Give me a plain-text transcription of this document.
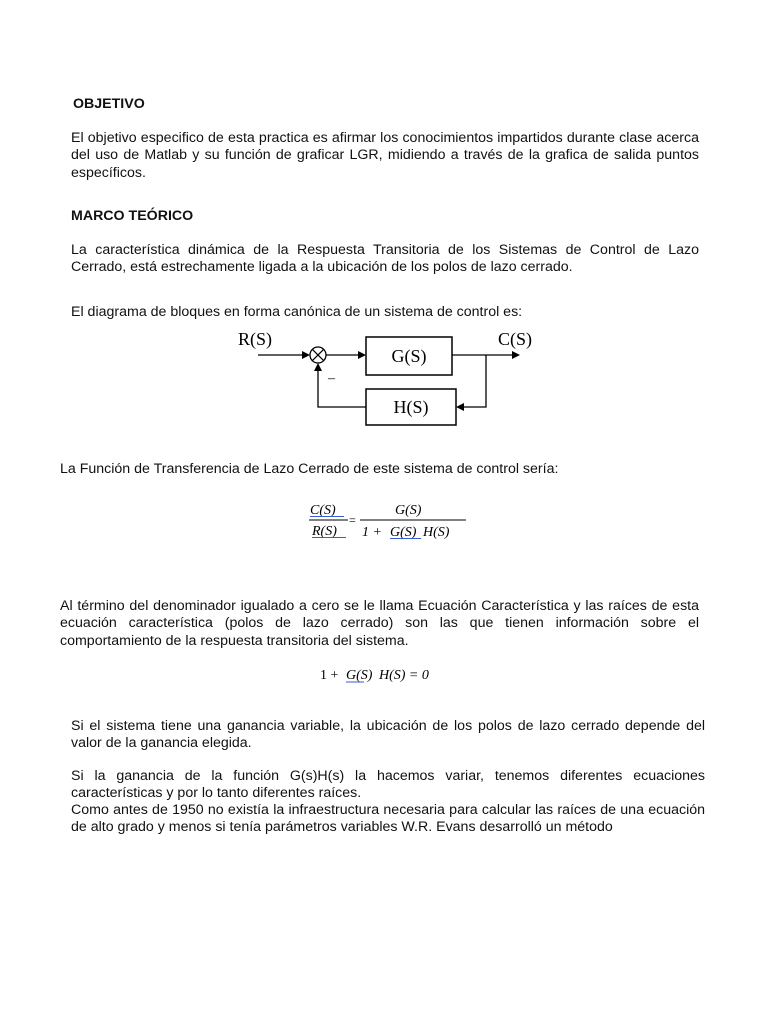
OBJETIVO

El objetivo especifico de esta practica es afirmar los conocimientos impartidos durante clase acerca del uso de Matlab y su función de graficar LGR, midiendo a través de la grafica de salida puntos específicos.

MARCO TEÓRICO

La característica dinámica de la Respuesta Transitoria de los Sistemas de Control de Lazo Cerrado, está estrechamente ligada a la ubicación de los polos de lazo cerrado.

El diagrama de bloques en forma canónica de un sistema de control es:

R(S)	C(S)
G(S)
H(S)
–

La Función de Transferencia de Lazo Cerrado de este sistema de control sería:

C(S)
R(S)
=
G(S)
1 + G(S) H(S)

Al término del denominador igualado a cero se le llama Ecuación Característica y las raíces de esta ecuación característica (polos de lazo cerrado) son las que tienen información sobre el comportamiento de la respuesta transitoria del sistema.

1 + G(S) H(S) = 0

Si el sistema tiene una ganancia variable, la ubicación de los polos de lazo cerrado depende del valor de la ganancia elegida.

Si la ganancia de la función G(s)H(s) la hacemos variar, tenemos diferentes ecuaciones características y por lo tanto diferentes raíces.

Como antes de 1950 no existía la infraestructura necesaria para calcular las raíces de una ecuación de alto grado y menos si tenía parámetros variables W.R. Evans desarrolló un método
